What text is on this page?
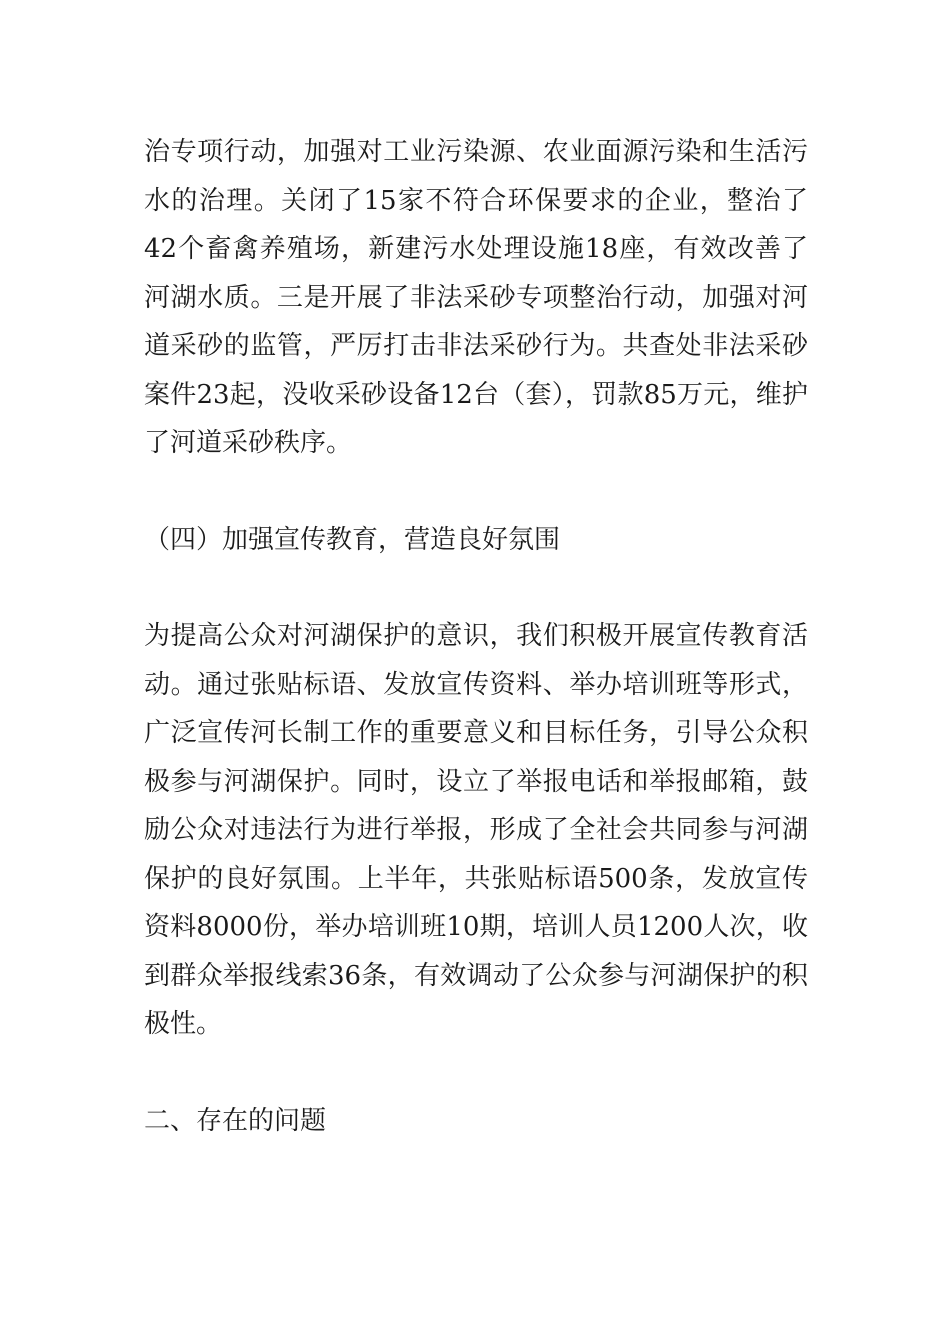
治专项行动，加强对工业污染源、农业面源污染和生活污水的治理。关闭了15家不符合环保要求的企业，整治了42个畜禽养殖场，新建污水处理设施18座，有效改善了河湖水质。三是开展了非法采砂专项整治行动，加强对河道采砂的监管，严厉打击非法采砂行为。共查处非法采砂案件23起，没收采砂设备12台（套），罚款85万元，维护了河道采砂秩序。

（四）加强宣传教育，营造良好氛围

为提高公众对河湖保护的意识，我们积极开展宣传教育活动。通过张贴标语、发放宣传资料、举办培训班等形式，广泛宣传河长制工作的重要意义和目标任务，引导公众积极参与河湖保护。同时，设立了举报电话和举报邮箱，鼓励公众对违法行为进行举报，形成了全社会共同参与河湖保护的良好氛围。上半年，共张贴标语500条，发放宣传资料8000份，举办培训班10期，培训人员1200人次，收到群众举报线索36条，有效调动了公众参与河湖保护的积极性。

二、存在的问题
